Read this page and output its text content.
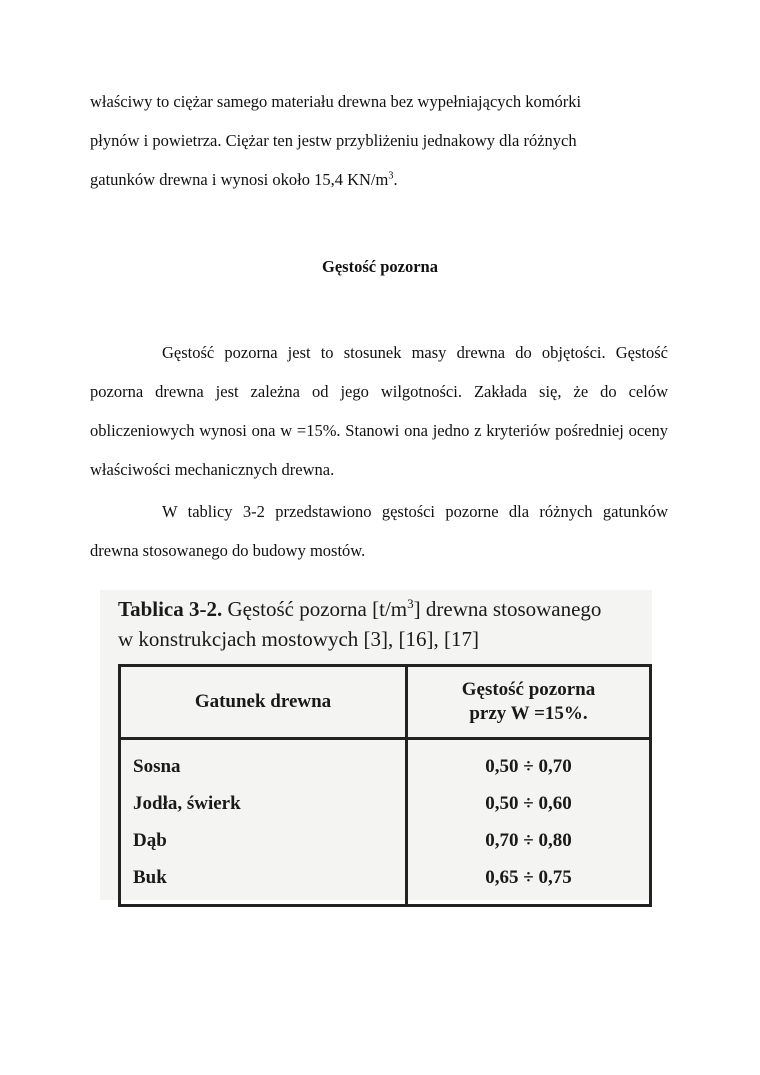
właściwy to ciężar samego materiału drewna bez wypełniających komórki
płynów i powietrza. Ciężar ten jestw przybliżeniu jednakowy dla różnych
gatunków drewna i wynosi około 15,4 $KN/m^3$.
Gęstość pozorna
Gęstość pozorna jest to stosunek masy drewna do objętości. Gęstość pozorna drewna jest zależna od jego wilgotności. Zakłada się, że do celów obliczeniowych wynosi ona w =15%. Stanowi ona jedno z kryteriów pośredniej oceny właściwości mechanicznych drewna.
W tablicy 3-2 przedstawiono gęstości pozorne dla różnych gatunków drewna stosowanego do budowy mostów.
Tablica 3-2. Gęstość pozorna $[t/m^3]$ drewna stosowanego
w konstrukcjach mostowych [3], [16], [17]
Gatunek drewna	Gęstość pozorna
przy W =15%.

Sosna	0,50 ÷ 0,70
Jodła, świerk	0,50 ÷ 0,60
Dąb	0,70 ÷ 0,80
Buk	0,65 ÷ 0,75
